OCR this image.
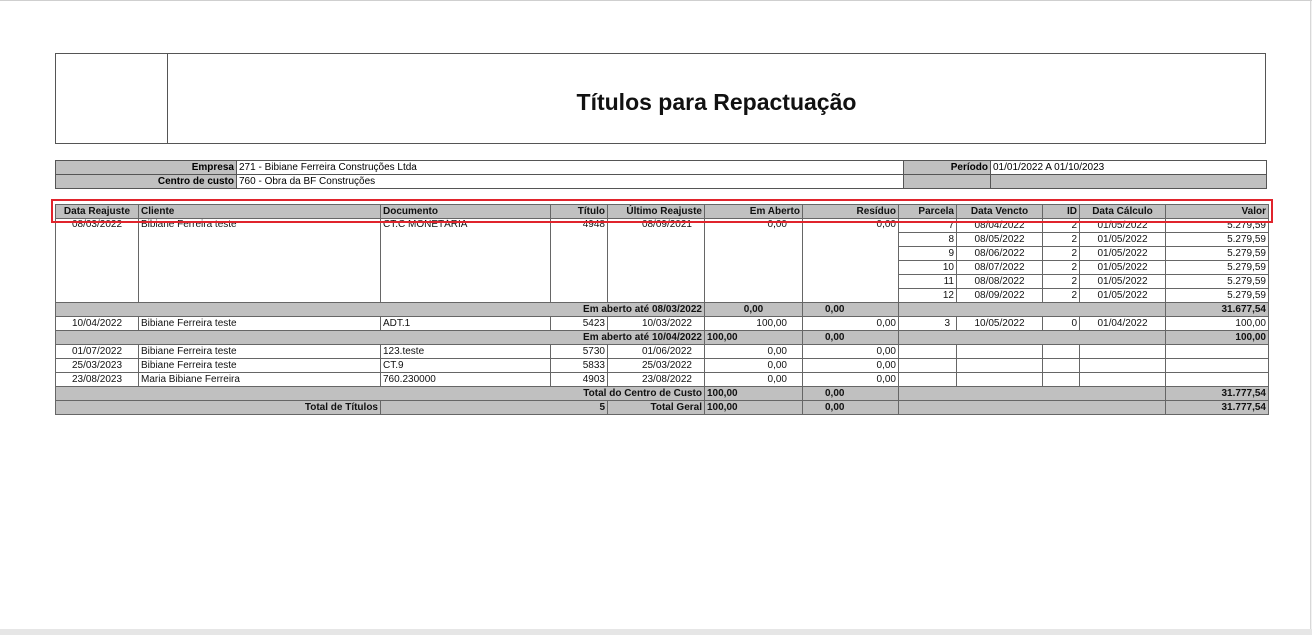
Títulos para Repactuação
Empresa	271 - Bibiane Ferreira Construções Ltda	Período	01/01/2022 A 01/10/2023
Centro de custo	760 - Obra da BF Construções		
Data Reajuste	Cliente	Documento	Título	Último Reajuste	Em Aberto	Resíduo	Parcela	Data Vencto	ID	Data Cálculo	Valor
08/03/2022	Bibiane Ferreira teste	CT.C MONETÁRIA	4948	08/09/2021	0,00	0,00	7	08/04/2022	2	01/05/2022	5.279,59
							8	08/05/2022	2	01/05/2022	5.279,59
							9	08/06/2022	2	01/05/2022	5.279,59
							10	08/07/2022	2	01/05/2022	5.279,59
							11	08/08/2022	2	01/05/2022	5.279,59
							12	08/09/2022	2	01/05/2022	5.279,59
Em aberto até 08/03/2022					0,00	0,00					31.677,54
10/04/2022	Bibiane Ferreira teste	ADT.1	5423	10/03/2022	100,00	0,00	3	10/05/2022	0	01/04/2022	100,00
Em aberto até 10/04/2022					100,00	0,00					100,00
01/07/2022	Bibiane Ferreira teste	123.teste	5730	01/06/2022	0,00	0,00					
25/03/2023	Bibiane Ferreira teste	CT.9	5833	25/03/2022	0,00	0,00					
23/08/2023	Maria Bibiane Ferreira	760.230000	4903	23/08/2022	0,00	0,00					
Total do Centro de Custo					100,00	0,00					31.777,54
Total de Títulos		5		Total Geral	100,00	0,00					31.777,54
